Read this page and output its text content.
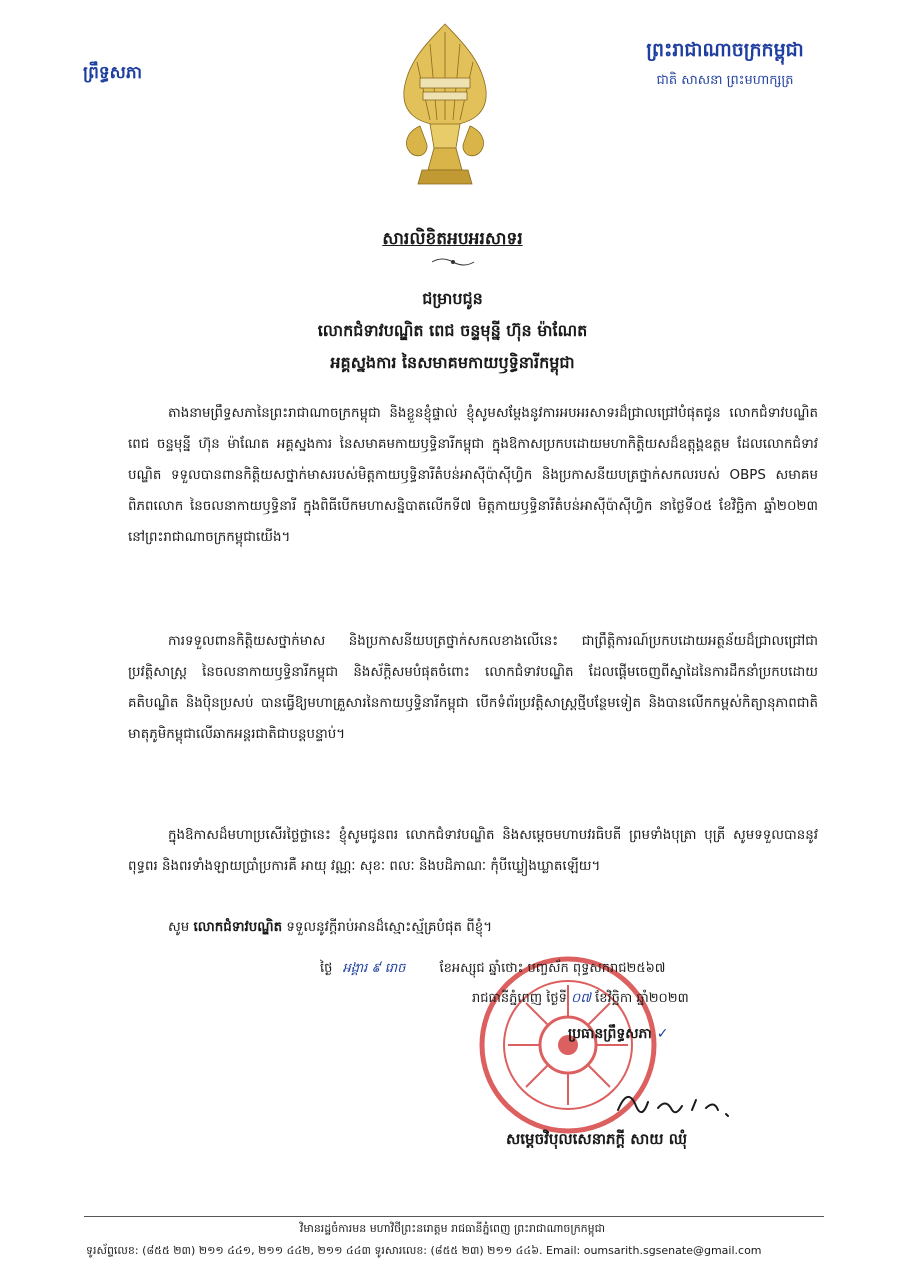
ព្រឹទ្ធសភា
ព្រះរាជាណាចក្រកម្ពុជា
ជាតិ សាសនា ព្រះមហាក្សត្រ
សារលិខិតអបអរសាទរ
ជម្រាបជូន
លោកជំទាវបណ្ឌិត ពេជ ចន្ទមុន្នី ហ៊ុន ម៉ាណែត
អគ្គស្នងការ នៃសមាគមកាយឫទ្ធិនារីកម្ពុជា
តាងនាមព្រឹទ្ធសភានៃព្រះរាជាណាចក្រកម្ពុជា និងខ្លួនខ្ញុំផ្ទាល់ ខ្ញុំសូមសម្តែងនូវការអបអរសាទរដ៏ជ្រាលជ្រៅបំផុតជូន លោកជំទាវបណ្ឌិត ពេជ ចន្ទមុន្នី ហ៊ុន ម៉ាណែត អគ្គស្នងការ នៃសមាគមកាយឫទ្ធិនារីកម្ពុជា ក្នុងឱកាសប្រកបដោយមហាកិត្តិយសដ៏ឧត្តុង្គឧត្តម ដែលលោកជំទាវបណ្ឌិត ទទួលបានពានកិត្តិយសថ្នាក់មាសរបស់មិត្តកាយឫទ្ធិនារីតំបន់អាស៊ីប៉ាស៊ីហ្វិក និងប្រកាសនីយបត្រថ្នាក់សកលរបស់ OBPS សមាគមពិភពលោក នៃចលនាកាយឫទ្ធិនារី ក្នុងពិធីបើកមហាសន្និបាតលើកទី៧ មិត្តកាយឫទ្ធិនារីតំបន់អាស៊ីប៉ាស៊ីហ្វិក នាថ្ងៃទី០៥ ខែវិច្ឆិកា ឆ្នាំ២០២៣ នៅព្រះរាជាណាចក្រកម្ពុជាយើង។
ការទទួលពានកិត្តិយសថ្នាក់មាស និងប្រកាសនីយបត្រថ្នាក់សកលខាងលើនេះ ជាព្រឹត្តិការណ៍ប្រកបដោយអត្ថន័យដ៏ជ្រាលជ្រៅជាប្រវត្តិសាស្ត្រ នៃចលនាកាយឫទ្ធិនារីកម្ពុជា និងស័ក្តិសមបំផុតចំពោះ លោកជំទាវបណ្ឌិត ដែលផ្តើមចេញពីស្នាដៃនៃការដឹកនាំប្រកបដោយគតិបណ្ឌិត និងប៉ិនប្រសប់ បានធ្វើឱ្យមហាគ្រួសារនៃកាយឫទ្ធិនារីកម្ពុជា បើកទំព័រប្រវត្តិសាស្ត្រថ្មីបន្ថែមទៀត និងបានលើកកម្ពស់កិត្យានុភាពជាតិមាតុភូមិកម្ពុជាលើឆាកអន្តរជាតិជាបន្តបន្ទាប់។
ក្នុងឱកាសដ៏មហាប្រសើរថ្លៃថ្លានេះ ខ្ញុំសូមជូនពរ លោកជំទាវបណ្ឌិត និងសម្តេចមហាបវរធិបតី ព្រមទាំងបុត្រា បុត្រី សូមទទួលបាននូវពុទ្ធពរ និងពរទាំងឡាយប្រាំប្រការគឺ អាយុ វណ្ណៈ សុខៈ ពលៈ និងបដិភាណៈ កុំបីឃ្លៀងឃ្លាតឡើយ។
សូម លោកជំទាវបណ្ឌិត ទទួលនូវក្តីរាប់អានដ៏ស្មោះស្ម័គ្របំផុត ពីខ្ញុំ។
ថ្ងៃ អង្គារ ៩ រោច	ខែអស្សុជ ឆ្នាំថោះ បញ្ចស័ក ពុទ្ធសករាជ២៥៦៧
រាជធានីភ្នំពេញ ថ្ងៃទី ០៧ ខែវិច្ឆិកា ឆ្នាំ២០២៣
ប្រធានព្រឹទ្ធសភា ✓
សម្តេចវិបុលសេនាភក្តី សាយ ឈុំ
វិមានរដ្ឋចំការមន មហាវិថីព្រះនរោត្តម រាជធានីភ្នំពេញ ព្រះរាជាណាចក្រកម្ពុជា
ទូរស័ព្ទលេខ: (៨៥៥ ២៣) ២១១ ៤៤១, ២១១ ៤៤២, ២១១ ៤៤៣ ទូរសារលេខ: (៨៥៥ ២៣) ២១១ ៤៤៦. Email: oumsarith.sgsenate@gmail.com
